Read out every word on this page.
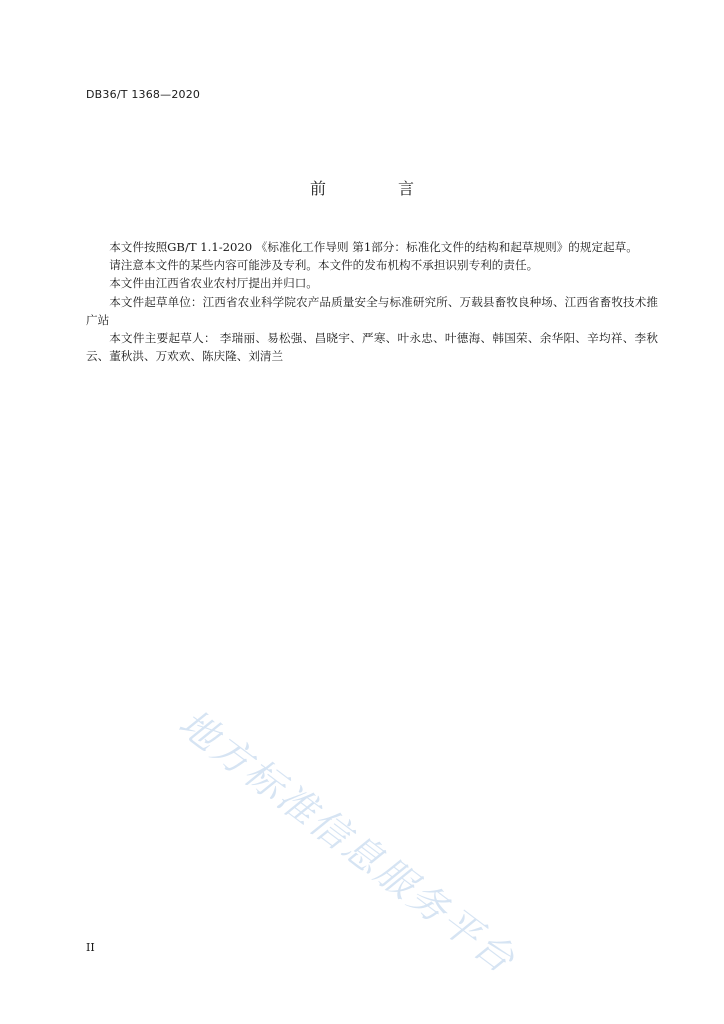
DB36/T 1368—2020
前　言

本文件按照GB/T 1.1-2020 《标准化工作导则 第1部分：标准化文件的结构和起草规则》的规定起草。

请注意本文件的某些内容可能涉及专利。本文件的发布机构不承担识别专利的责任。

本文件由江西省农业农村厅提出并归口。

本文件起草单位：江西省农业科学院农产品质量安全与标准研究所、万载县畜牧良种场、江西省畜牧技术推广站

本文件主要起草人： 李瑞丽、易松强、昌晓宇、严寒、叶永忠、叶德海、韩国荣、余华阳、辛均祥、李秋云、董秋洪、万欢欢、陈庆隆、刘清兰

地方标准信息服务平台
II
